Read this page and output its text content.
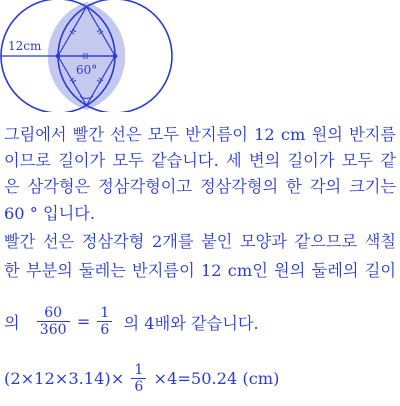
12cm
60°
그림에서 빨간 선은 모두 반지름이 12 cm 원의 반지름
이므로 길이가 모두 같습니다. 세 변의 길이가 모두 같
은 삼각형은 정삼각형이고 정삼각형의 한 각의 크기는
60 ° 입니다.
빨간 선은 정삼각형 2개를 붙인 모양과 같으므로 색칠
한 부분의 둘레는 반지름이 12 cm인 원의 둘레의 길이
의 $\frac{60}{360} = \frac{1}{6}$ 의 4배와 같습니다.
$(2\times 12\times 3.14)\times \frac{1}{6} \times 4=50.24$ (cm)
